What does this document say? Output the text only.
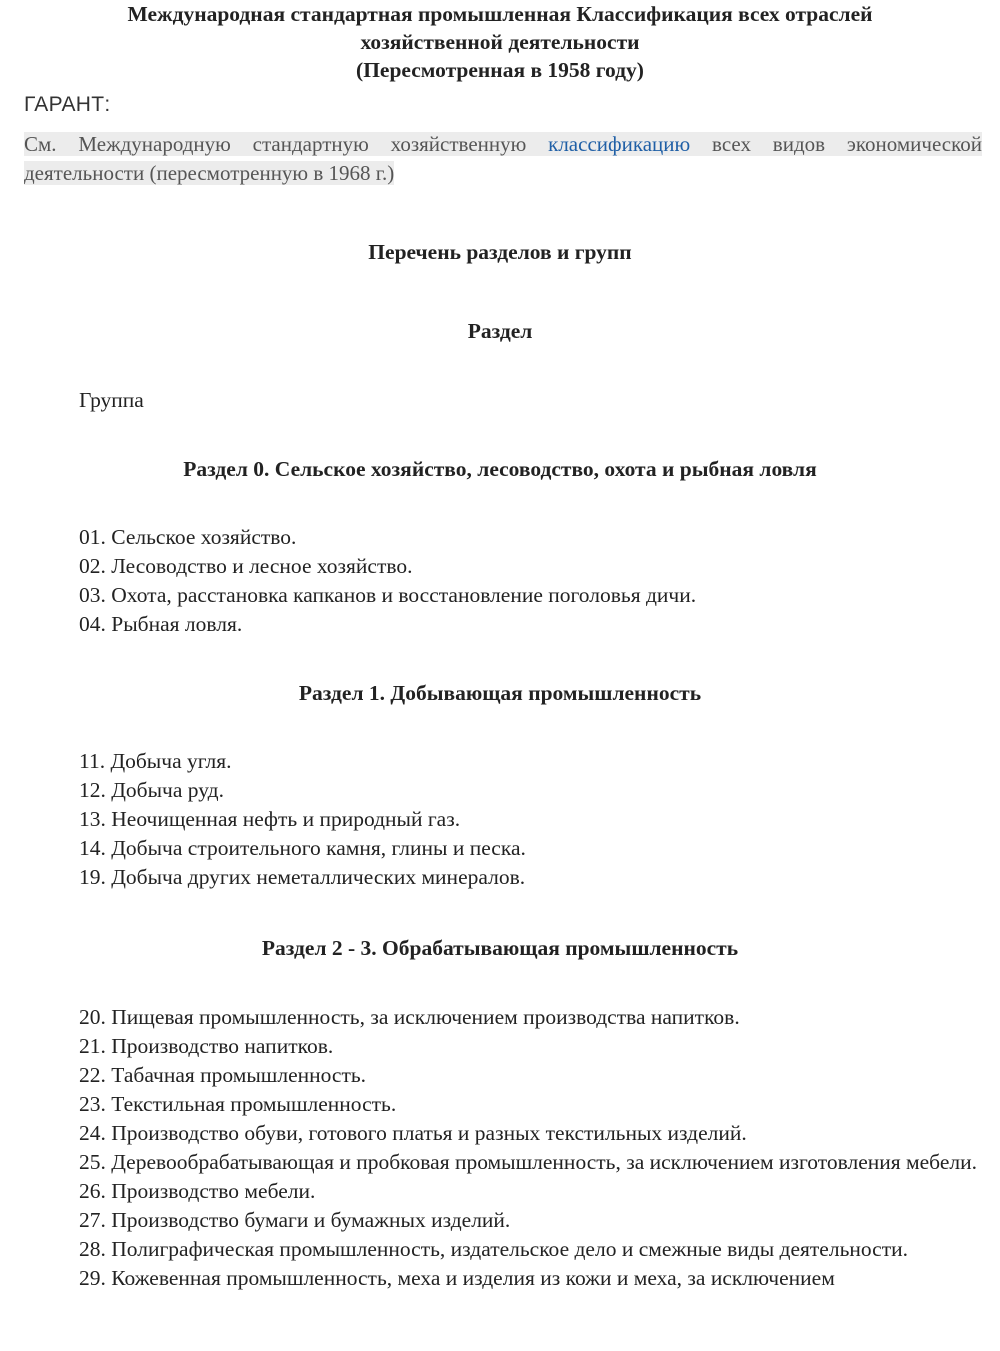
Международная стандартная промышленная Классификация всех отраслей
хозяйственной деятельности
(Пересмотренная в 1958 году)
ГАРАНТ:
См. Международную стандартную хозяйственную классификацию всех видов экономической деятельности (пересмотренную в 1968 г.)
Перечень разделов и групп
Раздел
Группа
Раздел 0. Сельское хозяйство, лесоводство, охота и рыбная ловля
01. Сельское хозяйство.
02. Лесоводство и лесное хозяйство.
03. Охота, расстановка капканов и восстановление поголовья дичи.
04. Рыбная ловля.
Раздел 1. Добывающая промышленность
11. Добыча угля.
12. Добыча руд.
13. Неочищенная нефть и природный газ.
14. Добыча строительного камня, глины и песка.
19. Добыча других неметаллических минералов.
Раздел 2 - 3. Обрабатывающая промышленность
20. Пищевая промышленность, за исключением производства напитков.
21. Производство напитков.
22. Табачная промышленность.
23. Текстильная промышленность.
24. Производство обуви, готового платья и разных текстильных изделий.
25. Деревообрабатывающая и пробковая промышленность, за исключением изготовления мебели.
26. Производство мебели.
27. Производство бумаги и бумажных изделий.
28. Полиграфическая промышленность, издательское дело и смежные виды деятельности.
29. Кожевенная промышленность, меха и изделия из кожи и меха, за исключением
